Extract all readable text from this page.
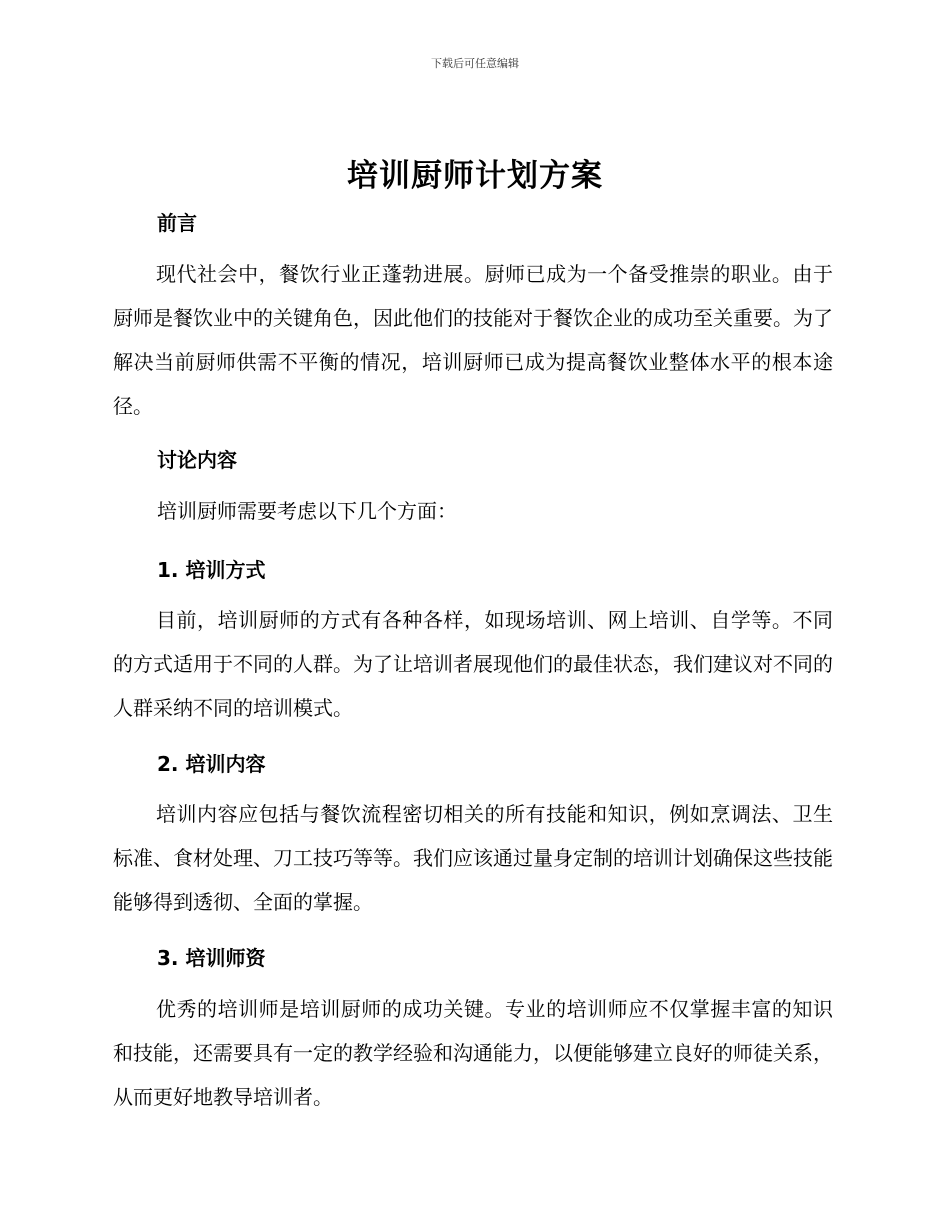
下载后可任意编辑
培训厨师计划方案
前言
现代社会中，餐饮行业正蓬勃进展。厨师已成为一个备受推崇的职业。由于厨师是餐饮业中的关键角色，因此他们的技能对于餐饮企业的成功至关重要。为了解决当前厨师供需不平衡的情况，培训厨师已成为提高餐饮业整体水平的根本途径。
讨论内容
培训厨师需要考虑以下几个方面：
1. 培训方式
目前，培训厨师的方式有各种各样，如现场培训、网上培训、自学等。不同的方式适用于不同的人群。为了让培训者展现他们的最佳状态，我们建议对不同的人群采纳不同的培训模式。
2. 培训内容
培训内容应包括与餐饮流程密切相关的所有技能和知识，例如烹调法、卫生标准、食材处理、刀工技巧等等。我们应该通过量身定制的培训计划确保这些技能能够得到透彻、全面的掌握。
3. 培训师资
优秀的培训师是培训厨师的成功关键。专业的培训师应不仅掌握丰富的知识和技能，还需要具有一定的教学经验和沟通能力，以便能够建立良好的师徒关系，从而更好地教导培训者。
